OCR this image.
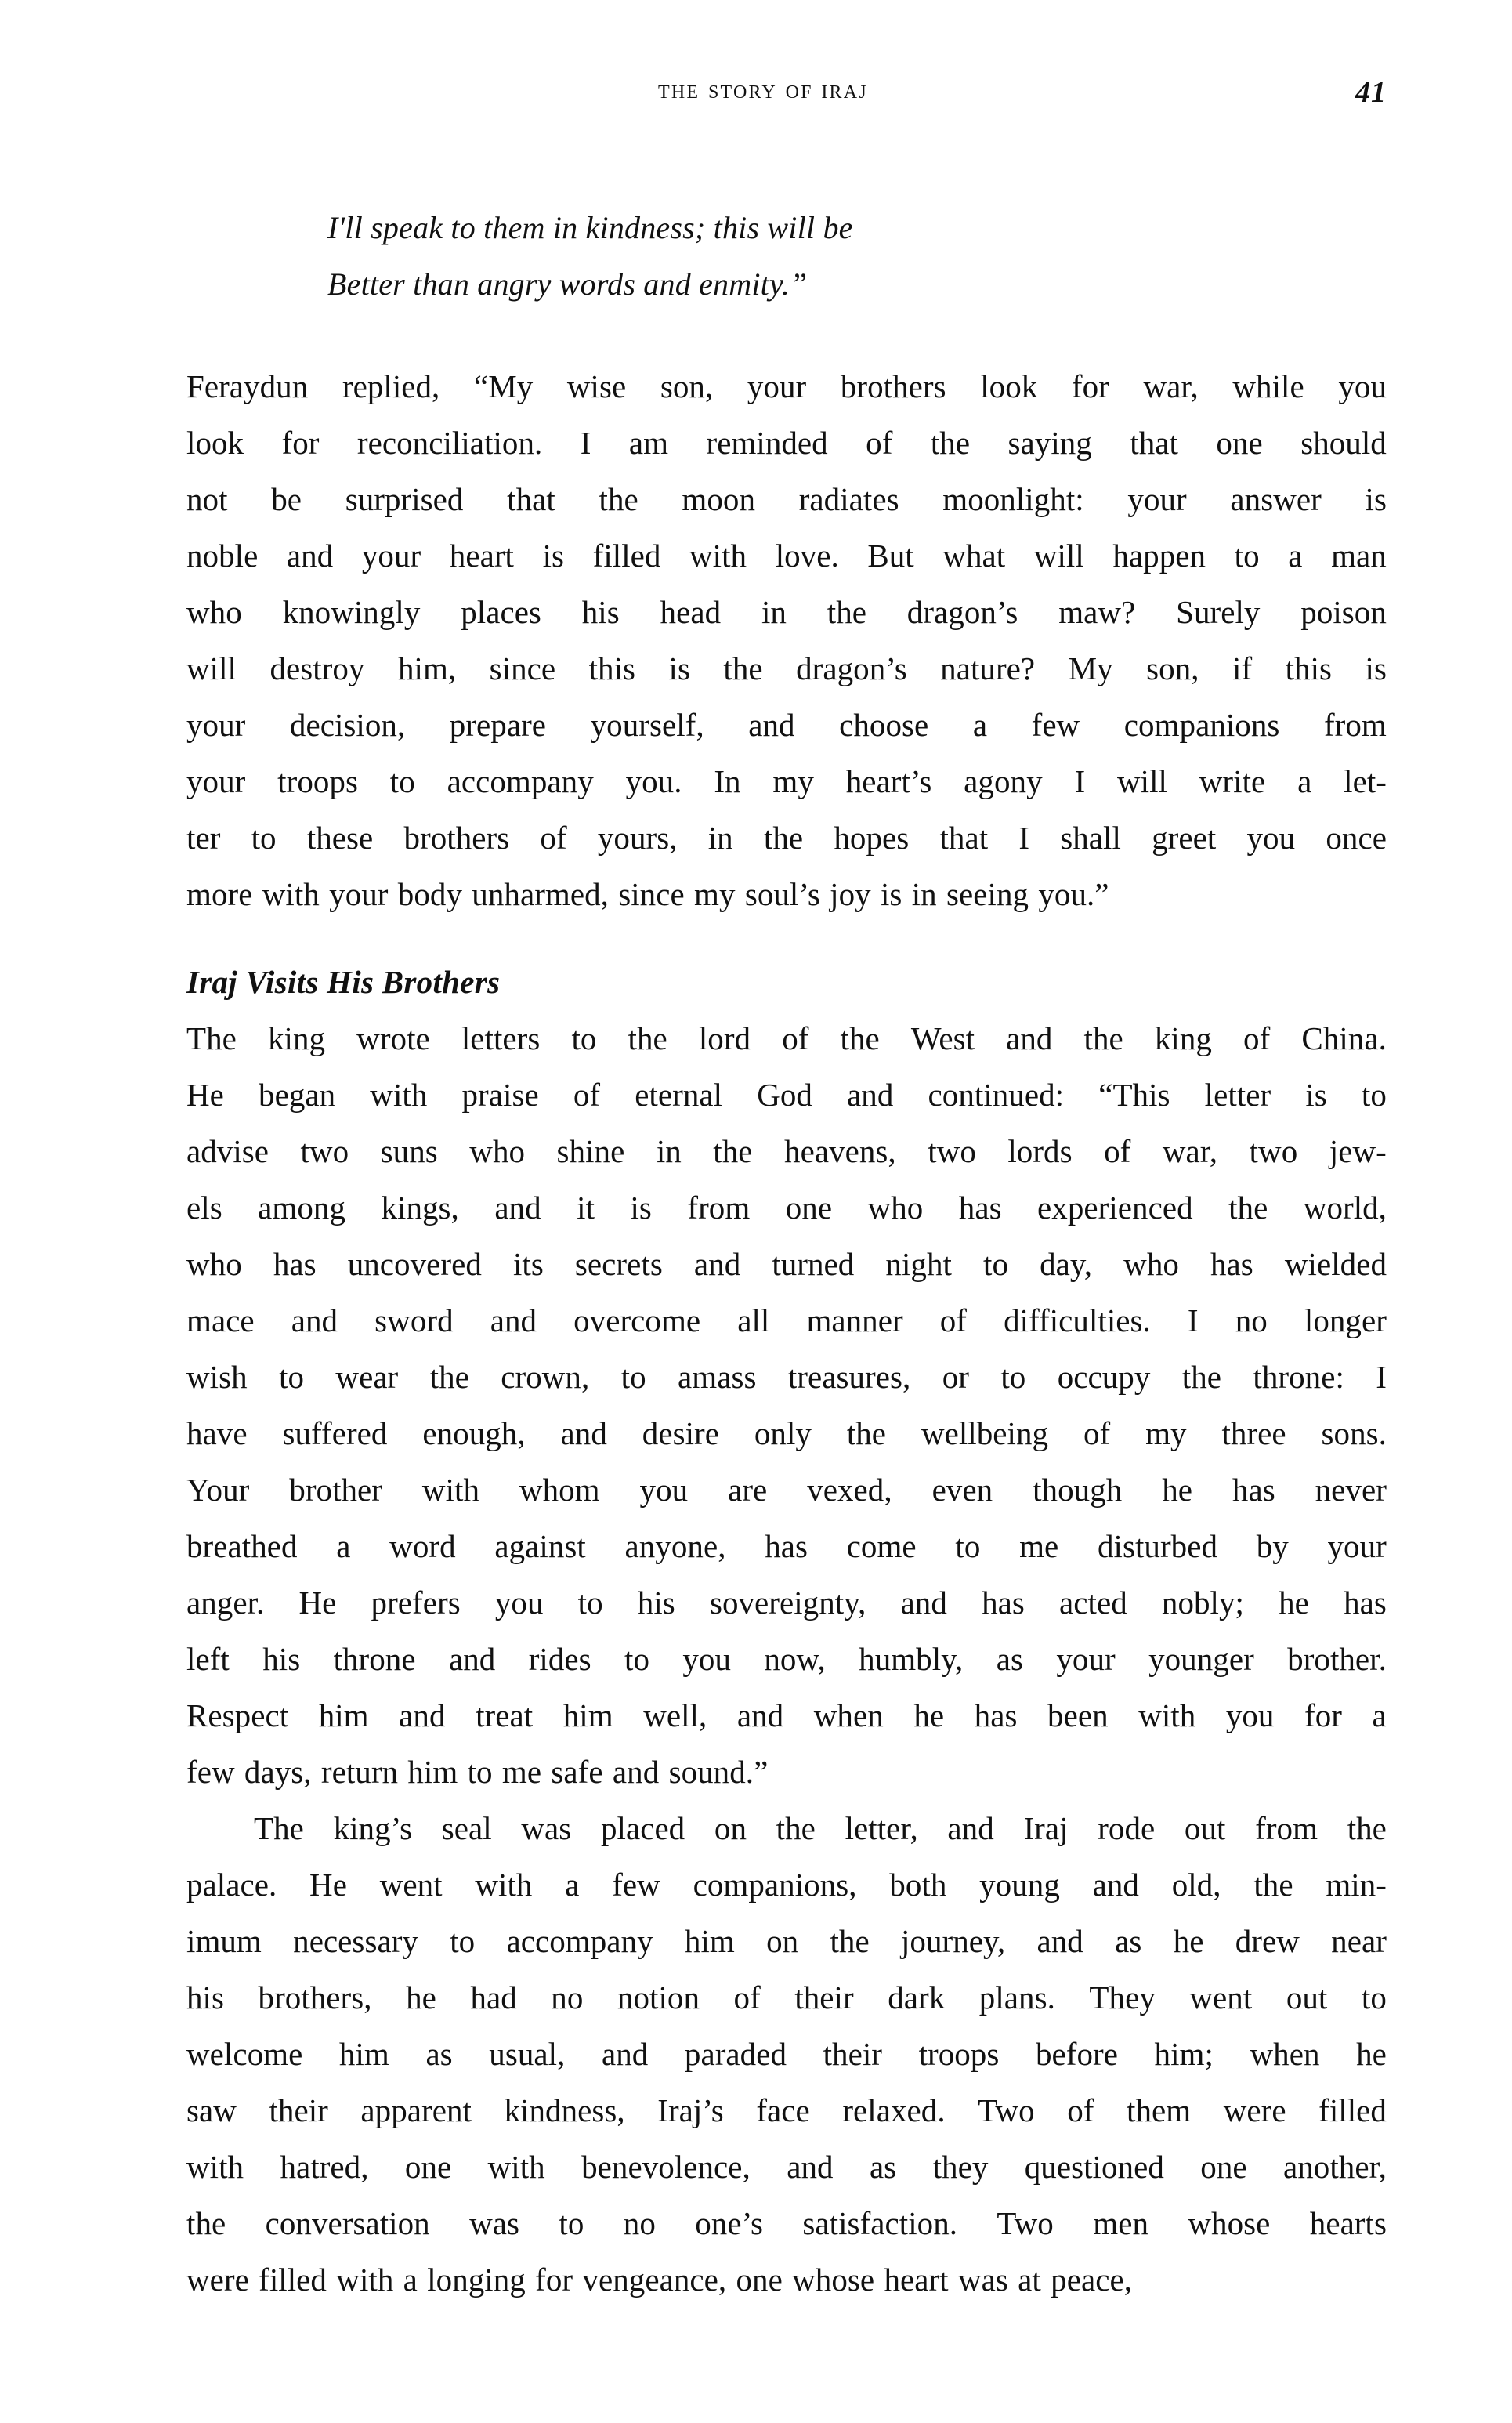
the story of iraj	41
I'll speak to them in kindness; this will be
Better than angry words and enmity.”
Feraydun replied, “My wise son, your brothers look for war, while you
look for reconciliation. I am reminded of the saying that one should
not be surprised that the moon radiates moonlight: your answer is
noble and your heart is filled with love. But what will happen to a man
who knowingly places his head in the dragon’s maw? Surely poison
will destroy him, since this is the dragon’s nature? My son, if this is
your decision, prepare yourself, and choose a few companions from
your troops to accompany you. In my heart’s agony I will write a let-
ter to these brothers of yours, in the hopes that I shall greet you once
more with your body unharmed, since my soul’s joy is in seeing you.”
Iraj Visits His Brothers
The king wrote letters to the lord of the West and the king of China.
He began with praise of eternal God and continued: “This letter is to
advise two suns who shine in the heavens, two lords of war, two jew-
els among kings, and it is from one who has experienced the world,
who has uncovered its secrets and turned night to day, who has wielded
mace and sword and overcome all manner of difficulties. I no longer
wish to wear the crown, to amass treasures, or to occupy the throne: I
have suffered enough, and desire only the wellbeing of my three sons.
Your brother with whom you are vexed, even though he has never
breathed a word against anyone, has come to me disturbed by your
anger. He prefers you to his sovereignty, and has acted nobly; he has
left his throne and rides to you now, humbly, as your younger brother.
Respect him and treat him well, and when he has been with you for a
few days, return him to me safe and sound.”
The king’s seal was placed on the letter, and Iraj rode out from the
palace. He went with a few companions, both young and old, the min-
imum necessary to accompany him on the journey, and as he drew near
his brothers, he had no notion of their dark plans. They went out to
welcome him as usual, and paraded their troops before him; when he
saw their apparent kindness, Iraj’s face relaxed. Two of them were filled
with hatred, one with benevolence, and as they questioned one another,
the conversation was to no one’s satisfaction. Two men whose hearts
were filled with a longing for vengeance, one whose heart was at peace,
